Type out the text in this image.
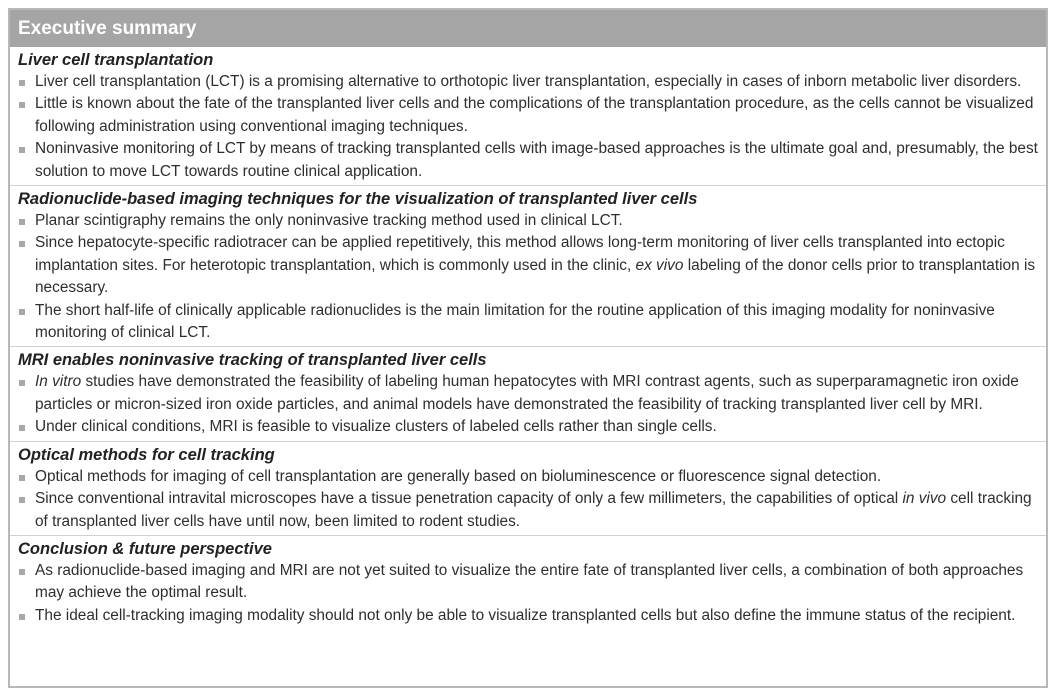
Executive summary
Liver cell transplantation
Liver cell transplantation (LCT) is a promising alternative to orthotopic liver transplantation, especially in cases of inborn metabolic liver disorders.
Little is known about the fate of the transplanted liver cells and the complications of the transplantation procedure, as the cells cannot be visualized following administration using conventional imaging techniques.
Noninvasive monitoring of LCT by means of tracking transplanted cells with image-based approaches is the ultimate goal and, presumably, the best solution to move LCT towards routine clinical application.
Radionuclide-based imaging techniques for the visualization of transplanted liver cells
Planar scintigraphy remains the only noninvasive tracking method used in clinical LCT.
Since hepatocyte-specific radiotracer can be applied repetitively, this method allows long-term monitoring of liver cells transplanted into ectopic implantation sites. For heterotopic transplantation, which is commonly used in the clinic, ex vivo labeling of the donor cells prior to transplantation is necessary.
The short half-life of clinically applicable radionuclides is the main limitation for the routine application of this imaging modality for noninvasive monitoring of clinical LCT.
MRI enables noninvasive tracking of transplanted liver cells
In vitro studies have demonstrated the feasibility of labeling human hepatocytes with MRI contrast agents, such as superparamagnetic iron oxide particles or micron-sized iron oxide particles, and animal models have demonstrated the feasibility of tracking transplanted liver cell by MRI.
Under clinical conditions, MRI is feasible to visualize clusters of labeled cells rather than single cells.
Optical methods for cell tracking
Optical methods for imaging of cell transplantation are generally based on bioluminescence or fluorescence signal detection.
Since conventional intravital microscopes have a tissue penetration capacity of only a few millimeters, the capabilities of optical in vivo cell tracking of transplanted liver cells have until now, been limited to rodent studies.
Conclusion & future perspective
As radionuclide-based imaging and MRI are not yet suited to visualize the entire fate of transplanted liver cells, a combination of both approaches may achieve the optimal result.
The ideal cell-tracking imaging modality should not only be able to visualize transplanted cells but also define the immune status of the recipient.
